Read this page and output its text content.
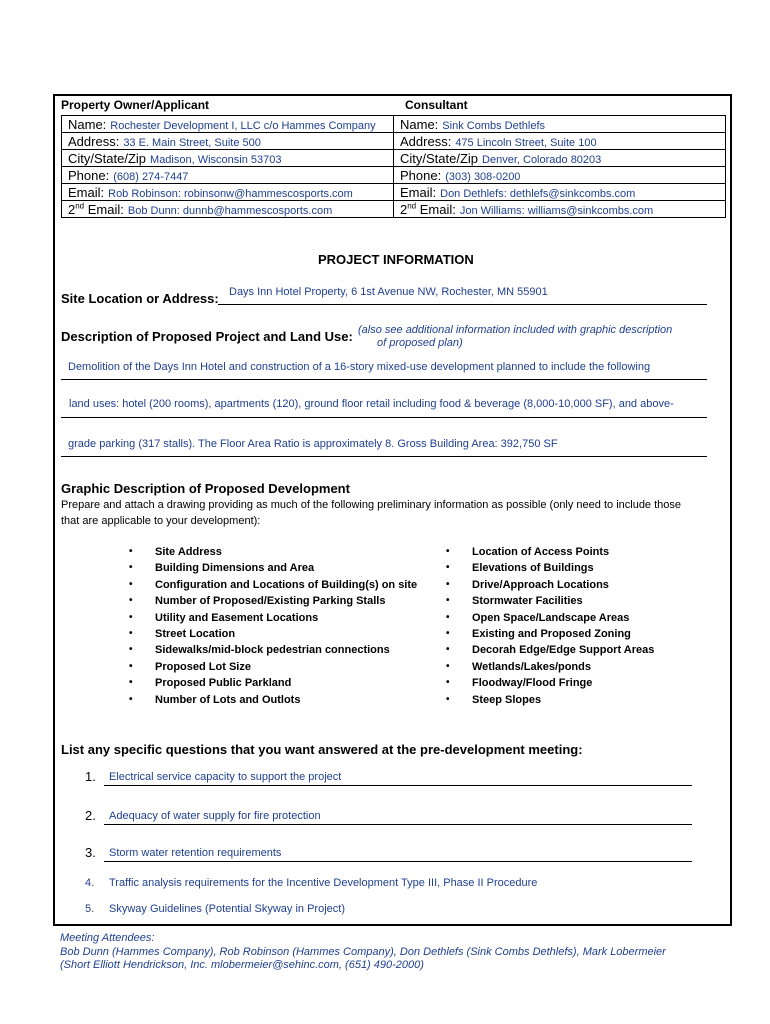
Property Owner/Applicant	Consultant
Name: Rochester Development I, LLC c/o Hammes Company	Name: Sink Combs Dethlefs
Address: 33 E. Main Street, Suite 500	Address: 475 Lincoln Street, Suite 100
City/State/Zip Madison, Wisconsin 53703	City/State/Zip Denver, Colorado 80203
Phone: (608) 274-7447	Phone: (303) 308-0200
Email: Rob Robinson: robinsonw@hammescosports.com	Email: Don Dethlefs: dethlefs@sinkcombs.com
2nd Email: Bob Dunn: dunnb@hammescosports.com	2nd Email: Jon Williams: williams@sinkcombs.com
PROJECT INFORMATION
Site Location or Address: Days Inn Hotel Property, 6 1st Avenue NW, Rochester, MN 55901
Description of Proposed Project and Land Use: (also see additional information included with graphic description
of proposed plan)
Demolition of the Days Inn Hotel and construction of a 16-story mixed-use development planned to include the following
land uses: hotel (200 rooms), apartments (120), ground floor retail including food & beverage (8,000-10,000 SF), and above-
grade parking (317 stalls). The Floor Area Ratio is approximately 8. Gross Building Area: 392,750 SF
Graphic Description of Proposed Development
Prepare and attach a drawing providing as much of the following preliminary information as possible (only need to include those
that are applicable to your development):
• Site Address
• Building Dimensions and Area
• Configuration and Locations of Building(s) on site
• Number of Proposed/Existing Parking Stalls
• Utility and Easement Locations
• Street Location
• Sidewalks/mid-block pedestrian connections
• Proposed Lot Size
• Proposed Public Parkland
• Number of Lots and Outlots
• Location of Access Points
• Elevations of Buildings
• Drive/Approach Locations
• Stormwater Facilities
• Open Space/Landscape Areas
• Existing and Proposed Zoning
• Decorah Edge/Edge Support Areas
• Wetlands/Lakes/ponds
• Floodway/Flood Fringe
• Steep Slopes
List any specific questions that you want answered at the pre-development meeting:
1. Electrical service capacity to support the project
2. Adequacy of water supply for fire protection
3. Storm water retention requirements
4. Traffic analysis requirements for the Incentive Development Type III, Phase II Procedure
5. Skyway Guidelines (Potential Skyway in Project)
Meeting Attendees:
Bob Dunn (Hammes Company), Rob Robinson (Hammes Company), Don Dethlefs (Sink Combs Dethlefs), Mark Lobermeier
(Short Elliott Hendrickson, Inc. mlobermeier@sehinc.com, (651) 490-2000)
